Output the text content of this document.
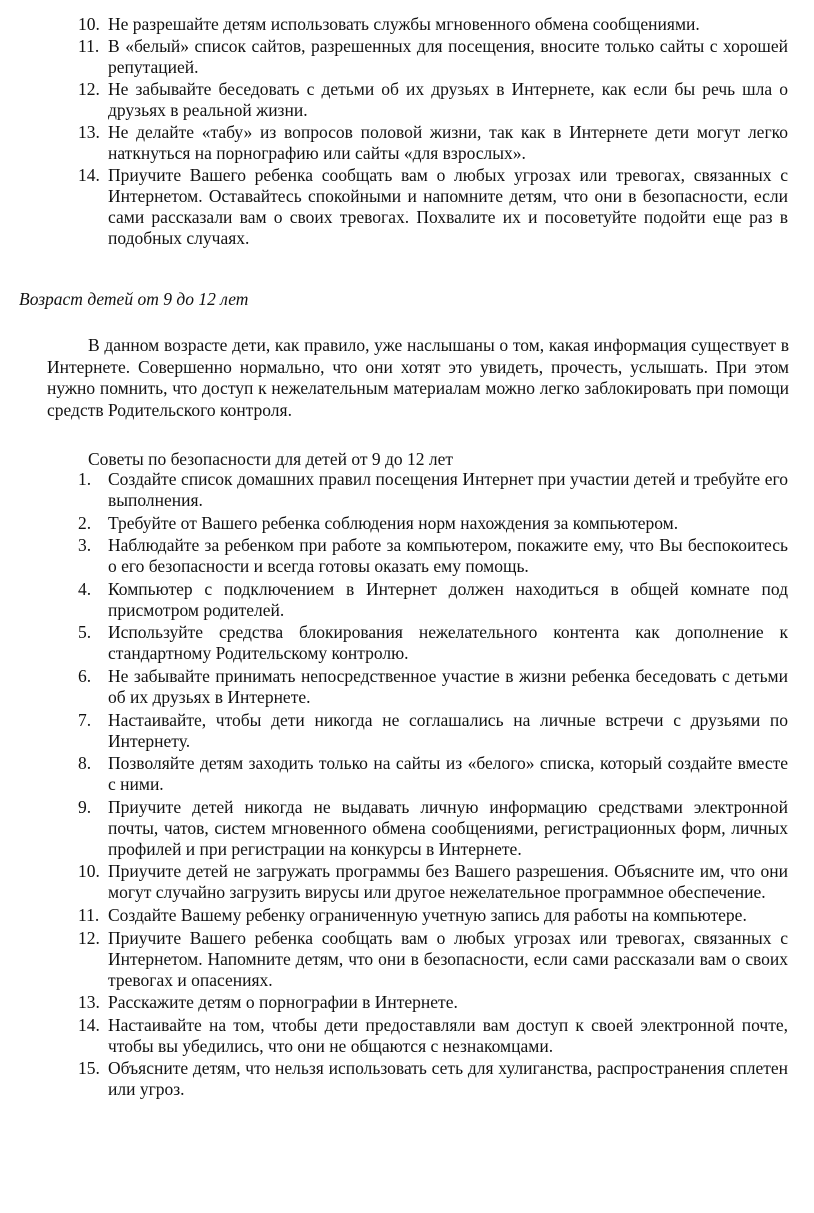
10. Не разрешайте детям использовать службы мгновенного обмена сообщениями.
11. В «белый» список сайтов, разрешенных для посещения, вносите только сайты с хорошей репутацией.
12. Не забывайте беседовать с детьми об их друзьях в Интернете, как если бы речь шла о друзьях в реальной жизни.
13. Не делайте «табу» из вопросов половой жизни, так как в Интернете дети могут легко наткнуться на порнографию или сайты «для взрослых».
14. Приучите Вашего ребенка сообщать вам о любых угрозах или тревогах, связанных с Интернетом. Оставайтесь спокойными и напомните детям, что они в безопасности, если сами рассказали вам о своих тревогах. Похвалите их и посоветуйте подойти еще раз в подобных случаях.
Возраст детей от 9 до 12 лет

В данном возрасте дети, как правило, уже наслышаны о том, какая информация существует в Интернете. Совершенно нормально, что они хотят это увидеть, прочесть, услышать. При этом нужно помнить, что доступ к нежелательным материалам можно легко заблокировать при помощи средств Родительского контроля.

Советы по безопасности для детей от 9 до 12 лет
1. Создайте список домашних правил посещения Интернет при участии детей и требуйте его выполнения.
2. Требуйте от Вашего ребенка соблюдения норм нахождения за компьютером.
3. Наблюдайте за ребенком при работе за компьютером, покажите ему, что Вы беспокоитесь о его безопасности и всегда готовы оказать ему помощь.
4. Компьютер с подключением в Интернет должен находиться в общей комнате под присмотром родителей.
5. Используйте средства блокирования нежелательного контента как дополнение к стандартному Родительскому контролю.
6. Не забывайте принимать непосредственное участие в жизни ребенка беседовать с детьми об их друзьях в Интернете.
7. Настаивайте, чтобы дети никогда не соглашались на личные встречи с друзьями по Интернету.
8. Позволяйте детям заходить только на сайты из «белого» списка, который создайте вместе с ними.
9. Приучите детей никогда не выдавать личную информацию средствами электронной почты, чатов, систем мгновенного обмена сообщениями, регистрационных форм, личных профилей и при регистрации на конкурсы в Интернете.
10. Приучите детей не загружать программы без Вашего разрешения. Объясните им, что они могут случайно загрузить вирусы или другое нежелательное программное обеспечение.
11. Создайте Вашему ребенку ограниченную учетную запись для работы на компьютере.
12. Приучите Вашего ребенка сообщать вам о любых угрозах или тревогах, связанных с Интернетом. Напомните детям, что они в безопасности, если сами рассказали вам о своих тревогах и опасениях.
13. Расскажите детям о порнографии в Интернете.
14. Настаивайте на том, чтобы дети предоставляли вам доступ к своей электронной почте, чтобы вы убедились, что они не общаются с незнакомцами.
15. Объясните детям, что нельзя использовать сеть для хулиганства, распространения сплетен или угроз.
